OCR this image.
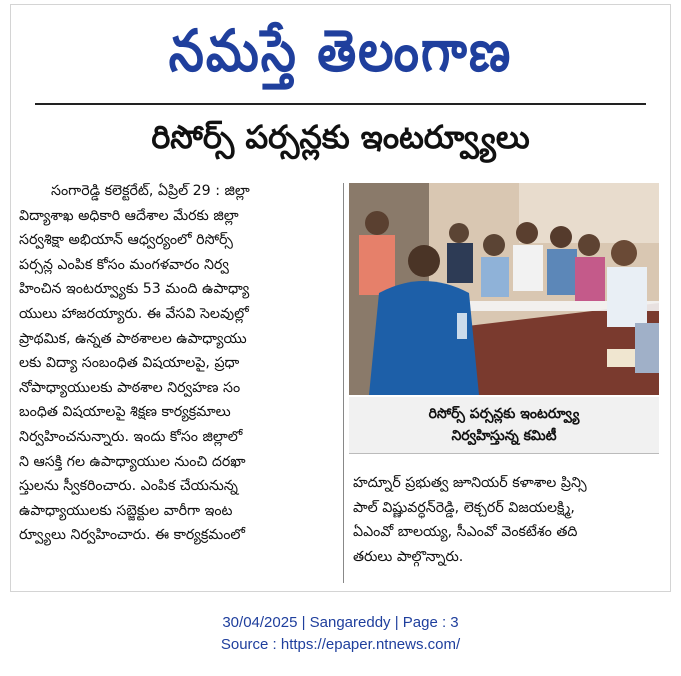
నమస్తే తెలంగాణ
రిసోర్స్ పర్సన్లకు ఇంటర్వ్యూలు
సంగారెడ్డి కలెక్టరేట్, ఏప్రిల్ 29 : జిల్లా
విద్యాశాఖ అధికారి ఆదేశాల మేరకు జిల్లా
సర్వశిక్షా అభియాన్ ఆధ్వర్యంలో రిసోర్స్
పర్సన్ల ఎంపిక కోసం మంగళవారం నిర్వ
హించిన ఇంటర్వ్యూకు 53 మంది ఉపాధ్యా
యులు హాజరయ్యారు. ఈ వేసవి సెలవుల్లో
ప్రాథమిక, ఉన్నత పాఠశాలల ఉపాధ్యాయు
లకు విద్యా సంబంధిత విషయాలపై, ప్రధా
నోపాధ్యాయులకు పాఠశాల నిర్వహణ సం
బంధిత విషయాలపై శిక్షణ కార్యక్రమాలు
నిర్వహించనున్నారు. ఇందు కోసం జిల్లాలో
ని ఆసక్తి గల ఉపాధ్యాయుల నుంచి దరఖా
స్తులను స్వీకరించారు. ఎంపిక చేయనున్న
ఉపాధ్యాయులకు సబ్జెక్టుల వారీగా ఇంట
ర్వ్యూలు నిర్వహించారు. ఈ కార్యక్రమంలో
రిసోర్స్ పర్సన్లకు ఇంటర్వ్యూ
నిర్వహిస్తున్న కమిటీ
హద్నూర్ ప్రభుత్వ జూనియర్ కళాశాల ప్రిన్సి
పాల్ విష్ణువర్ధన్‌రెడ్డి, లెక్చరర్ విజయలక్ష్మి,
ఏఎంవో బాలయ్య, సీఎంవో వెంకటేశం తది
తరులు పాల్గొన్నారు.
30/04/2025 | Sangareddy | Page : 3
Source : https://epaper.ntnews.com/
